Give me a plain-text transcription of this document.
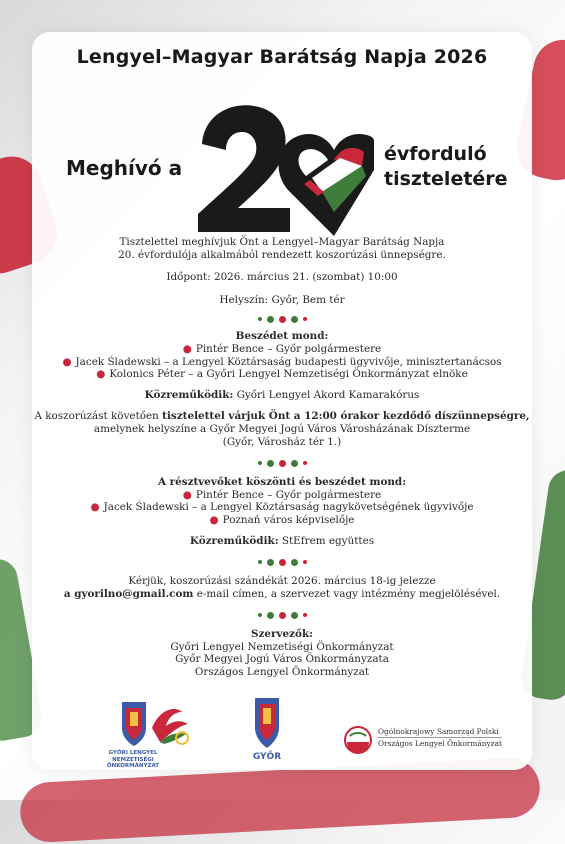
Lengyel–Magyar Barátság Napja 2026
Meghívó a
20
évforduló
tiszteletére

Tisztelettel meghívjuk Önt a Lengyel–Magyar Barátság Napja

20. évfordulója alkalmából rendezett koszorúzási ünnepségre.

Időpont: 2026. március 21. (szombat) 10:00

Helyszín: Győr, Bem tér

Beszédet mond:

● Pintér Bence – Győr polgármestere

● Jacek Śladewski – a Lengyel Köztársaság budapesti ügyvivője, minisztertanácsos

● Kolonics Péter – a Győri Lengyel Nemzetiségi Önkormányzat elnöke

Közreműködik: Győri Lengyel Akord Kamarakórus

A koszorúzást követően tisztelettel várjuk Önt a 12:00 órakor kezdődő díszünnepségre,

amelynek helyszíne a Győr Megyei Jogú Város Városházának Díszterme

(Győr, Városház tér 1.)

A résztvevőket köszönti és beszédet mond:

● Pintér Bence – Győr polgármestere

● Jacek Śladewski – a Lengyel Köztársaság nagykövetségének ügyvivője

● Poznań város képviselője

Közreműködik: StEfrem együttes

Kérjük, koszorúzási szándékát 2026. március 18-ig jelezze

a gyorilno@gmail.com e-mail címen, a szervezet vagy intézmény megjelölésével.

Szervezők:

Győri Lengyel Nemzetiségi Önkormányzat

Győr Megyei Jogú Város Önkormányzata

Országos Lengyel Önkormányzat

GYŐRI LENGYEL NEMZETISÉGI
ÖNKORMÁNYZAT
GYŐR
Ogólnokrajowy Samorząd Polski
Országos Lengyel Önkormányzat
